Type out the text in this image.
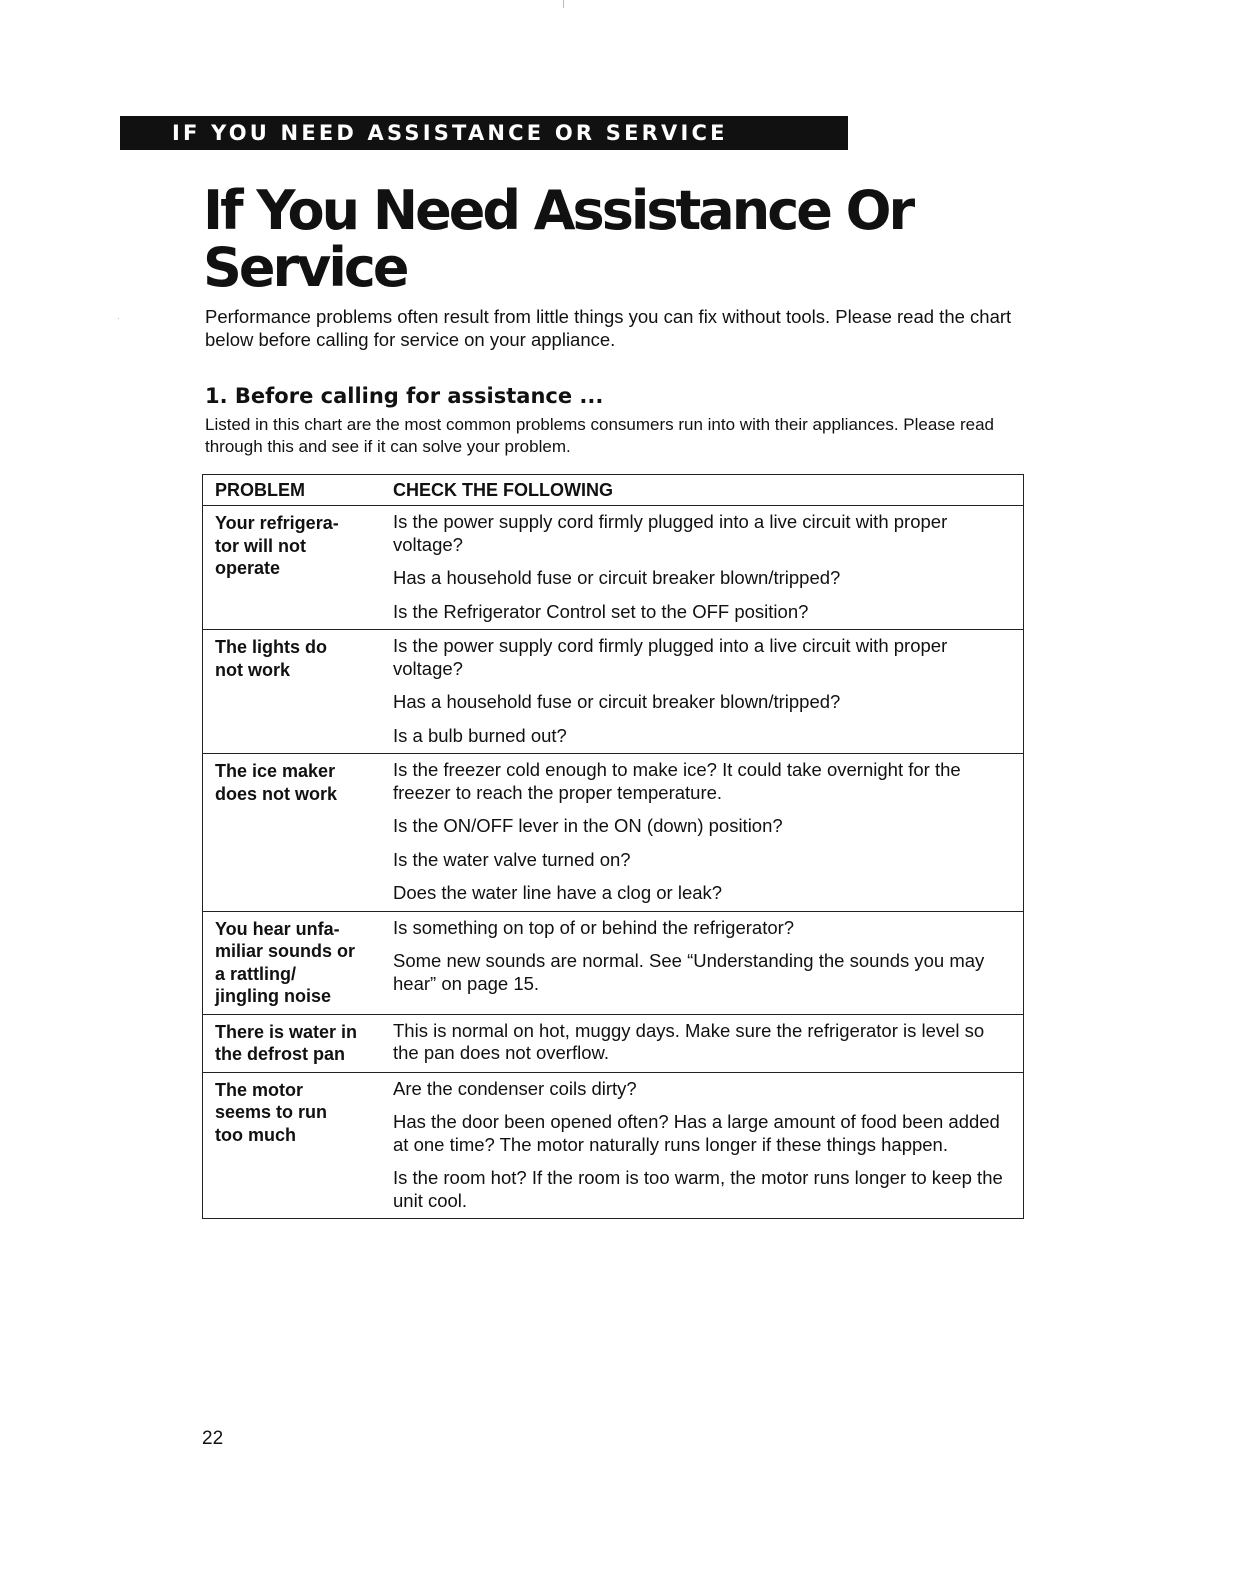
IF YOU NEED ASSISTANCE OR SERVICE
If You Need Assistance Or Service

Performance problems often result from little things you can fix without tools. Please read the chart below before calling for service on your appliance.

1. Before calling for assistance ...

Listed in this chart are the most common problems consumers run into with their appliances. Please read through this and see if it can solve your problem.

PROBLEM	CHECK THE FOLLOWING
Your refrigera-
tor will not
operate

Is the power supply cord firmly plugged into a live circuit with proper voltage?

Has a household fuse or circuit breaker blown/tripped?

Is the Refrigerator Control set to the OFF position?

The lights do
not work

Is the power supply cord firmly plugged into a live circuit with proper voltage?

Has a household fuse or circuit breaker blown/tripped?

Is a bulb burned out?

The ice maker
does not work

Is the freezer cold enough to make ice? It could take overnight for the freezer to reach the proper temperature.

Is the ON/OFF lever in the ON (down) position?

Is the water valve turned on?

Does the water line have a clog or leak?

You hear unfa-
miliar sounds or
a rattling/
jingling noise

Is something on top of or behind the refrigerator?

Some new sounds are normal. See “Understanding the sounds you may hear” on page 15.

There is water in
the defrost pan

This is normal on hot, muggy days. Make sure the refrigerator is level so the pan does not overflow.

The motor
seems to run
too much

Are the condenser coils dirty?

Has the door been opened often? Has a large amount of food been added at one time? The motor naturally runs longer if these things happen.

Is the room hot? If the room is too warm, the motor runs longer to keep the unit cool.

22
